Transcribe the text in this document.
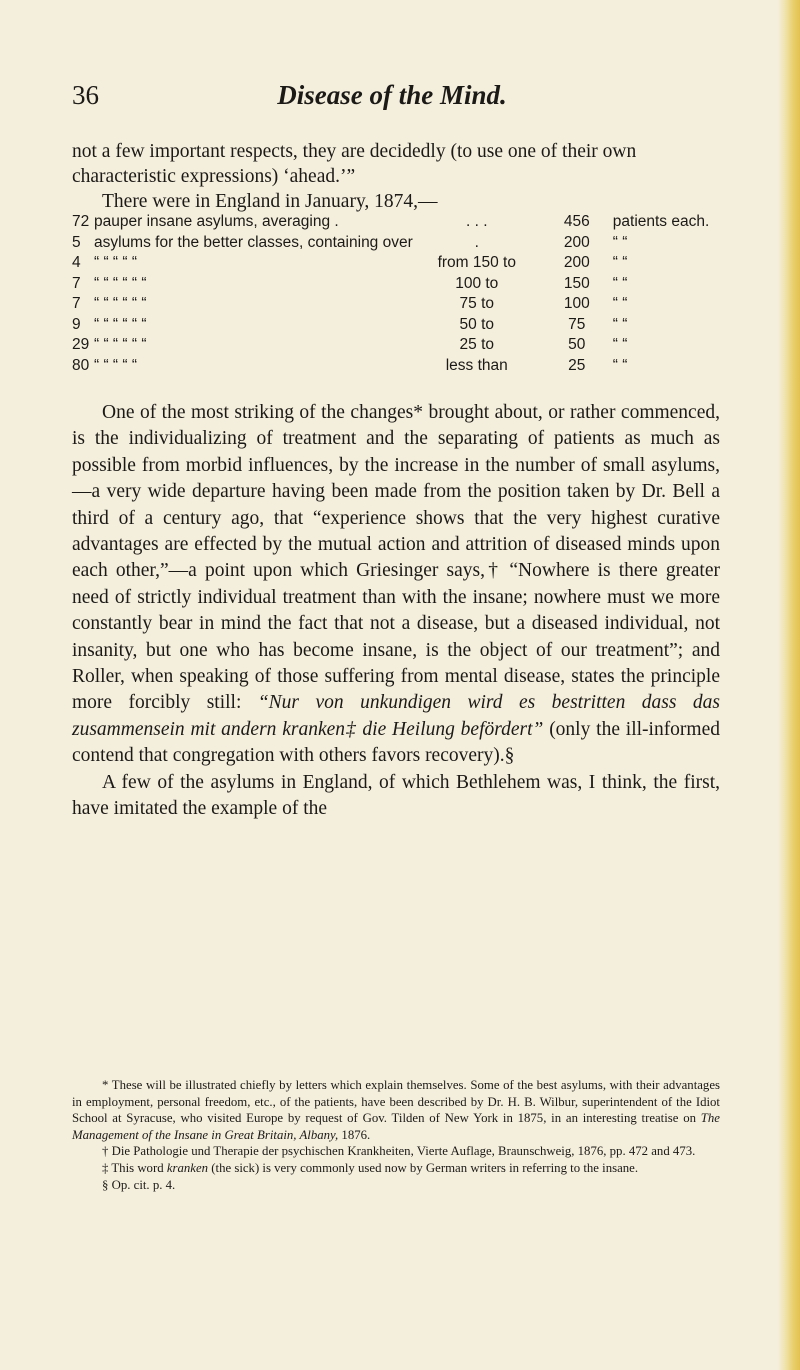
36	Disease of the Mind.

not a few important respects, they are decidedly (to use one of their own characteristic expressions) ‘ahead.’”

There were in England in January, 1874,—

72	pauper insane asylums, averaging .	. . .	456	patients each.
5	asylums for the better classes, containing over	.	200	“ “
4	“ “ “ “ “	from 150 to	200	“ “
7	“ “ “ “ “ “	100 to	150	“ “
7	“ “ “ “ “ “	75 to	100	“ “
9	“ “ “ “ “ “	50 to	75	“ “
29	“ “ “ “ “ “	25 to	50	“ “
80	“ “ “ “ “	less than	25	“ “

One of the most striking of the changes* brought about, or rather commenced, is the individualizing of treatment and the separating of patients as much as possible from morbid influences, by the increase in the number of small asylums,—a very wide departure having been made from the position taken by Dr. Bell a third of a century ago, that “experience shows that the very highest curative advantages are effected by the mutual action and attrition of diseased minds upon each other,”—a point upon which Griesinger says,† “Nowhere is there greater need of strictly individual treatment than with the insane; nowhere must we more constantly bear in mind the fact that not a disease, but a diseased individual, not insanity, but one who has become insane, is the object of our treatment”; and Roller, when speaking of those suffering from mental disease, states the principle more forcibly still: “Nur von unkundigen wird es bestritten dass das zusammensein mit andern kranken‡ die Heilung befördert” (only the ill-informed contend that congregation with others favors recovery).§

A few of the asylums in England, of which Bethlehem was, I think, the first, have imitated the example of the

* These will be illustrated chiefly by letters which explain themselves. Some of the best asylums, with their advantages in employment, personal freedom, etc., of the patients, have been described by Dr. H. B. Wilbur, superintendent of the Idiot School at Syracuse, who visited Europe by request of Gov. Tilden of New York in 1875, in an interesting treatise on The Management of the Insane in Great Britain, Albany, 1876.

† Die Pathologie und Therapie der psychischen Krankheiten, Vierte Auflage, Braunschweig, 1876, pp. 472 and 473.

‡ This word kranken (the sick) is very commonly used now by German writers in referring to the insane.

§ Op. cit. p. 4.
